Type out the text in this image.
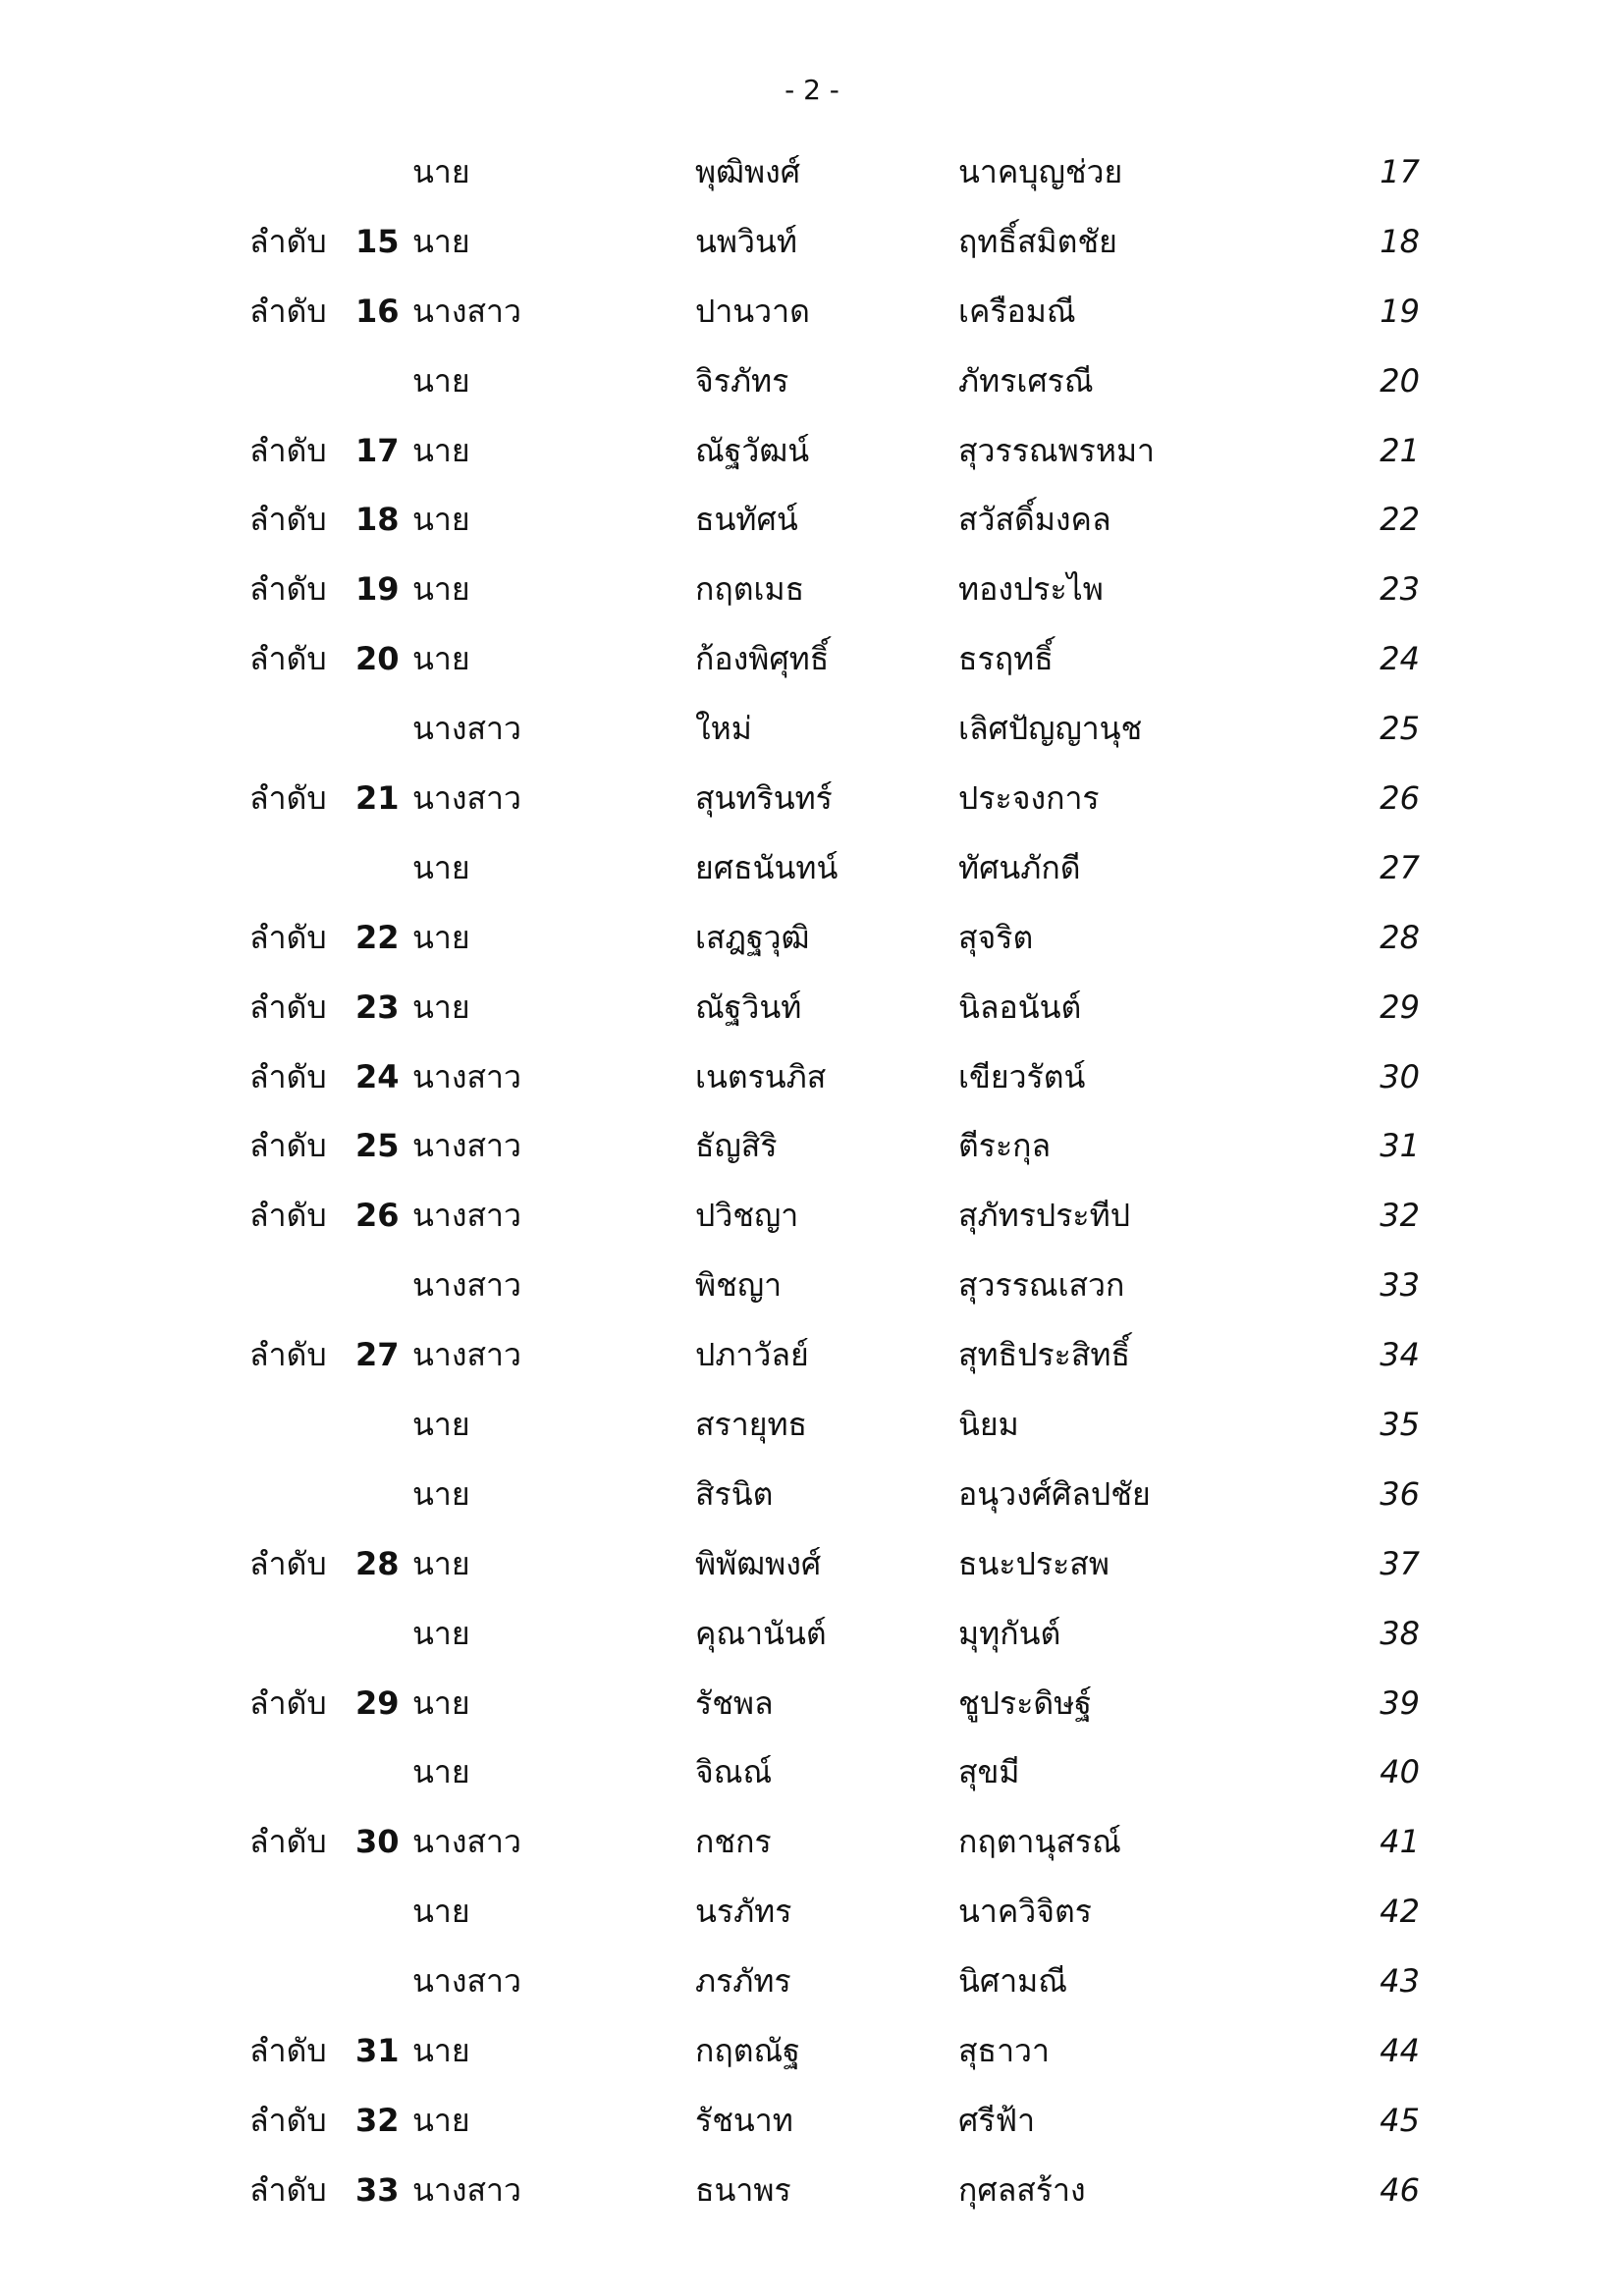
- 2 -
นาย	พุฒิพงศ์	นาคบุญช่วย	17
ลำดับ 15 นาย	นพวินท์	ฤทธิ์สมิตชัย	18
ลำดับ 16 นางสาว	ปานวาด	เครือมณี	19
นาย	จิรภัทร	ภัทรเศรณี	20
ลำดับ 17 นาย	ณัฐวัฒน์	สุวรรณพรหมา	21
ลำดับ 18 นาย	ธนทัศน์	สวัสดิ์มงคล	22
ลำดับ 19 นาย	กฤตเมธ	ทองประไพ	23
ลำดับ 20 นาย	ก้องพิศุทธิ์	ธรฤทธิ์	24
นางสาว	ใหม่	เลิศปัญญานุช	25
ลำดับ 21 นางสาว	สุนทรินทร์	ประจงการ	26
นาย	ยศธนันทน์	ทัศนภักดี	27
ลำดับ 22 นาย	เสฎฐวุฒิ	สุจริต	28
ลำดับ 23 นาย	ณัฐวินท์	นิลอนันต์	29
ลำดับ 24 นางสาว	เนตรนภิส	เขียวรัตน์	30
ลำดับ 25 นางสาว	ธัญสิริ	ตีระกุล	31
ลำดับ 26 นางสาว	ปวิชญา	สุภัทรประทีป	32
นางสาว	พิชญา	สุวรรณเสวก	33
ลำดับ 27 นางสาว	ปภาวัลย์	สุทธิประสิทธิ์	34
นาย	สรายุทธ	นิยม	35
นาย	สิรนิต	อนุวงศ์ศิลปชัย	36
ลำดับ 28 นาย	พิพัฒพงศ์	ธนะประสพ	37
นาย	คุณานันต์	มุทุกันต์	38
ลำดับ 29 นาย	รัชพล	ชูประดิษฐ์	39
นาย	จิณณ์	สุขมี	40
ลำดับ 30 นางสาว	กชกร	กฤตานุสรณ์	41
นาย	นรภัทร	นาควิจิตร	42
นางสาว	ภรภัทร	นิศามณี	43
ลำดับ 31 นาย	กฤตณัฐ	สุธาวา	44
ลำดับ 32 นาย	รัชนาท	ศรีฟ้า	45
ลำดับ 33 นางสาว	ธนาพร	กุศลสร้าง	46
